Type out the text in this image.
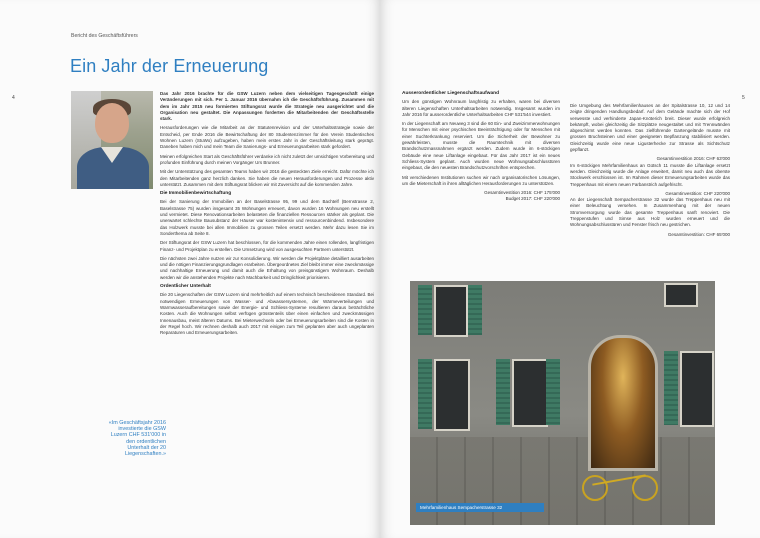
Bericht des Geschäftsführers
Ein Jahr der Erneuerung
4

Das Jahr 2016 brachte für die GSW Luzern neben dem vielseitigen Tagesgeschäft einige Veränderungen mit sich. Per 1. Januar 2016 übernahm ich die Geschäftsführung. Zusammen mit dem im Jahr 2015 neu formierten Stiftungsrat wurde die Strategie neu ausgerichtet und die Organisation neu gestaltet. Die Anpassungen forderten die Mitarbeitenden der Geschäftsstelle stark.

Herausforderungen wie die Mitarbeit an der Statutenrevision und der Unterhaltsstrategie sowie der Entscheid, per Ende 2016 die Bewirtschaftung der 80 Studentenzimmer für den Verein Studentisches Wohnen Luzern (StuWo) aufzugeben, haben mein erstes Jahr in der Geschäftsleitung stark geprägt. Daneben haben mich und mein Team die Sanierungs- und Erneuerungsarbeiten stark gefordert.

Meinen erfolgreichen Start als Geschäftsführer verdanke ich nicht zuletzt der umsichtigen Vorbereitung und profunden Einführung durch meinen Vorgänger Urs Brunner.

Mit der Unterstützung des gesamten Teams haben wir 2016 die gesteckten Ziele erreicht. Dafür möchte ich den Mitarbeitenden ganz herzlich danken. Sie haben die neuen Herausforderungen und Prozesse aktiv unterstützt. Zusammen mit dem Stiftungsrat blicken wir mit Zuversicht auf die kommenden Jahre.

Die Immobilienbewirtschaftung

Bei der Sanierung der Immobilien an der Baselstrasse 95, 99 und dem Bachtelf (Bernstrasse 2, Baselstrasse 75) wurden insgesamt 35 Wohnungen erneuert, davon wurden 16 Wohnungen neu erstellt und vermietet. Diese Renovationsarbeiten belasteten die finanziellen Ressourcen stärker als geplant. Die unerwartet schlechte Bausubstanz der Häuser war kostenintensiv und ressourcenbindend. Insbesondere das Holzwerk musste bei allen Immobilien zu grossen Teilen ersetzt werden. Mehr dazu lesen Sie im Sonderthema ab Seite 8.

Der Stiftungsrat der GSW Luzern hat beschlossen, für die kommenden Jahre einen rollenden, langfristigen Finanz- und Projektplan zu erstellen. Die Umsetzung wird von ausgesuchten Partnern unterstützt.

Die nächsten zwei Jahre nutzen wir zur Konsolidierung. Wir werden die Projektpläne detailliert ausarbeiten und die nötigen Finanzierungsgrundlagen erarbeiten. Übergeordnetes Ziel bleibt immer eine zweckmässige und nachhaltige Erneuerung und damit auch die Erhaltung von preisgünstigem Wohnraum. Deshalb werden wir die anstehenden Projekte nach Machbarkeit und Dringlichkeit priorisieren.

Ordentlicher Unterhalt

Die 20 Liegenschaften der GSW Luzern sind mehrheitlich auf einem technisch bescheidenen Standard. Bei notwendigen Erneuerungen von Wasser- und Abwassersystemen, der Wärmeverteilungen und Warmwasseraufbereitungen sowie der Energie- und Schliess-Systeme resultieren daraus beträchtliche Kosten. Auch die Wohnungen selbst verfügen grösstenteils über einen einfachen und zweckmässigen Innenausbau, meist älteren Datums. Bei Mieterwechseln oder bei Erneuerungsarbeiten sind die Kosten in der Regel hoch. Wir rechnen deshalb auch 2017 mit einigen zum Teil geplanten aber auch ungeplanten Reparaturen und Erneuerungsarbeiten.

«Im Geschäftsjahr 2016 investierte die GSW Luzern CHF 531'000 in den ordentlichen Unterhalt der 20 Liegenschaften.»
5
Ausserordentlicher Liegenschaftsaufwand

Um den günstigen Wohnraum langfristig zu erhalten, waren bei diversen älteren Liegenschaften Unterhaltsarbeiten notwendig. Insgesamt wurden im Jahr 2016 für ausserordentliche Unterhaltsarbeiten CHF 531'544 investiert.

In der Liegenschaft am Neuweg 3 sind die 60 Ein- und Zweizimmerwohnungen für Menschen mit einer psychischen Beeinträchtigung oder für Menschen mit einer Suchterkrankung reserviert. Um die Sicherheit der Bewohner zu gewährleisten, musste die Raumtechnik mit diversen Brandschutzmassnahmen ergänzt werden. Zudem wurde im 6-stöckigen Gebäude eine neue Liftanlage eingebaut. Für das Jahr 2017 ist ein neues Schliess-System geplant. Auch wurden neue Wohnungsabschlusstüren eingebaut, die den neuesten Brandschutzvorschriften entsprechen.

Mit verschiedenen Institutionen suchen wir nach organisatorischen Lösungen, um die Mieterschaft in ihren alltäglichen Herausforderungen zu unterstützen.

Gesamtinvestition 2016: CHF 175'000

Budget 2017: CHF 220'000

Die Umgebung des Mehrfamilienhauses an der Spitalstrasse 10, 12 und 14 zeigte dringenden Handlungsbedarf. Auf dem Gelände machte sich der Hof verwesste und verhinderte Japan-Knöterich breit. Dieser wurde erfolgreich bekämpft, wobei gleichzeitig die Sitzplätze neugestaltet und mit Trennwänden abgeschirmt werden konnten. Das zielführende Gartengelände musste mit grossen Bruchsteinen und einer geeigneten Bepflanzung stabilisiert werden. Gleichzeitig wurde eine neue Ligusterhecke zur Strasse als Sichtschutz gepflanzt.

Gesamtinvestition 2016: CHF 63'000

Im 6-stöckigen Mehrfamilienhaus an Gütsch 11 musste die Liftanlage ersetzt werden. Gleichzeitig wurde die Anlage erweitert, damit neu auch das oberste Stockwerk erschlossen ist. Im Rahmen dieser Erneuerungsarbeiten wurde das Treppenhaus mit einem neuen Farbanstrich aufgefrischt.

Gesamtinvestition: CHF 220'000

An der Liegenschaft Sempacherstrasse 32 wurde das Treppenhaus neu mit einer Beleuchtung versehen. In Zusammenhang mit der neuen Stromversorgung wurde das gesamte Treppenhaus sanft renoviert. Die Treppenstufen und Simse aus Holz wurden erneuert und die Wohnungsabschlusstüren und Fenster frisch neu gestrichen.

Gesamtinvestition: CHF 65'000

Mehrfamilienhaus Sempacherstrasse 32
